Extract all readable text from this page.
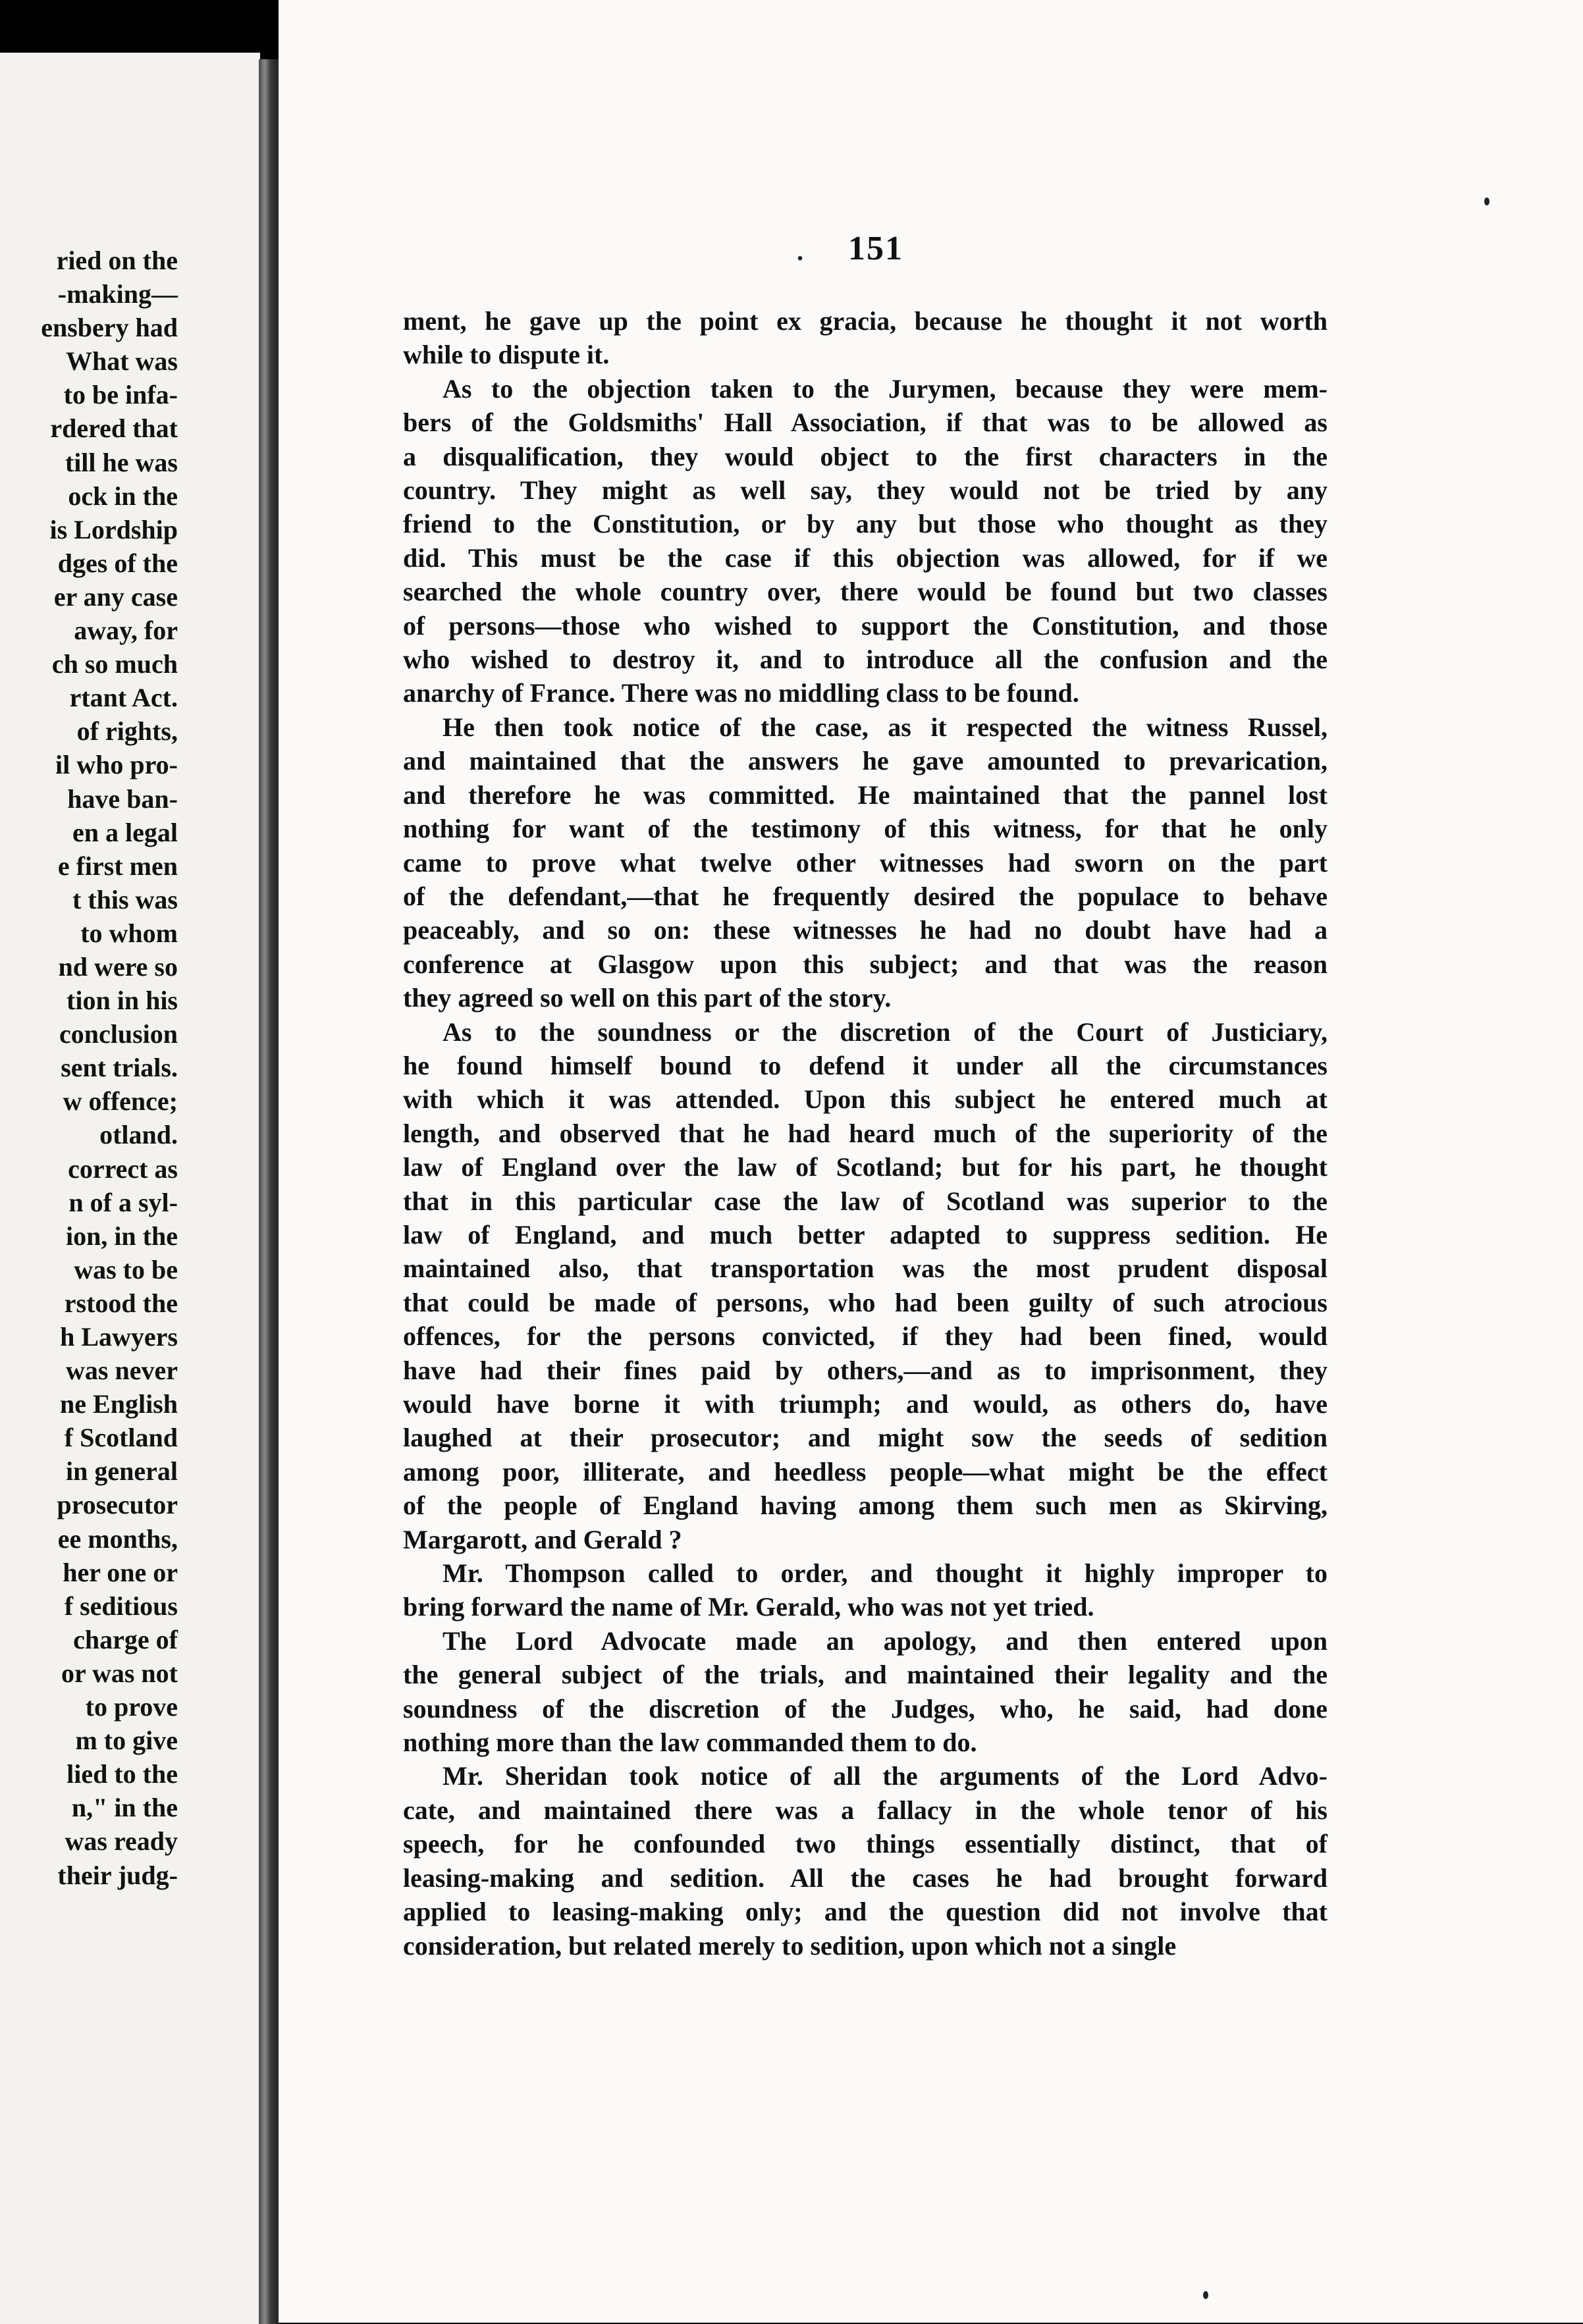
ried on the
-making—
ensbery had
What was
to be infa-
rdered that
till he was
ock in the
is Lordship
dges of the
er any case
away, for
ch so much
rtant Act.
of rights,
il who pro-
have ban-
en a legal
e first men
t this was
to whom
nd were so
tion in his
conclusion
sent trials.
w offence;
otland.
correct as
n of a syl-
ion, in the
was to be
rstood the
h Lawyers
was never
ne English
f Scotland
in general
prosecutor
ee months,
her one or
f seditious
charge of
or was not
to prove
m to give
lied to the
n," in the
was ready
their judg-
.	151

ment, he gave up the point ex gracia, because he thought it not worth
while to dispute it.

As to the objection taken to the Jurymen, because they were mem-
bers of the Goldsmiths' Hall Association, if that was to be allowed as
a disqualification, they would object to the first characters in the
country. They might as well say, they would not be tried by any
friend to the Constitution, or by any but those who thought as they
did. This must be the case if this objection was allowed, for if we
searched the whole country over, there would be found but two classes
of persons—those who wished to support the Constitution, and those
who wished to destroy it, and to introduce all the confusion and the
anarchy of France. There was no middling class to be found.

He then took notice of the case, as it respected the witness Russel,
and maintained that the answers he gave amounted to prevarication,
and therefore he was committed. He maintained that the pannel lost
nothing for want of the testimony of this witness, for that he only
came to prove what twelve other witnesses had sworn on the part
of the defendant,—that he frequently desired the populace to behave
peaceably, and so on: these witnesses he had no doubt have had a
conference at Glasgow upon this subject; and that was the reason
they agreed so well on this part of the story.

As to the soundness or the discretion of the Court of Justiciary,
he found himself bound to defend it under all the circumstances
with which it was attended. Upon this subject he entered much at
length, and observed that he had heard much of the superiority of the
law of England over the law of Scotland; but for his part, he thought
that in this particular case the law of Scotland was superior to the
law of England, and much better adapted to suppress sedition. He
maintained also, that transportation was the most prudent disposal
that could be made of persons, who had been guilty of such atrocious
offences, for the persons convicted, if they had been fined, would
have had their fines paid by others,—and as to imprisonment, they
would have borne it with triumph; and would, as others do, have
laughed at their prosecutor; and might sow the seeds of sedition
among poor, illiterate, and heedless people—what might be the effect
of the people of England having among them such men as Skirving,
Margarott, and Gerald ?

Mr. Thompson called to order, and thought it highly improper to
bring forward the name of Mr. Gerald, who was not yet tried.

The Lord Advocate made an apology, and then entered upon
the general subject of the trials, and maintained their legality and the
soundness of the discretion of the Judges, who, he said, had done
nothing more than the law commanded them to do.

Mr. Sheridan took notice of all the arguments of the Lord Advo-
cate, and maintained there was a fallacy in the whole tenor of his
speech, for he confounded two things essentially distinct, that of
leasing-making and sedition. All the cases he had brought forward
applied to leasing-making only; and the question did not involve that
consideration, but related merely to sedition, upon which not a single
